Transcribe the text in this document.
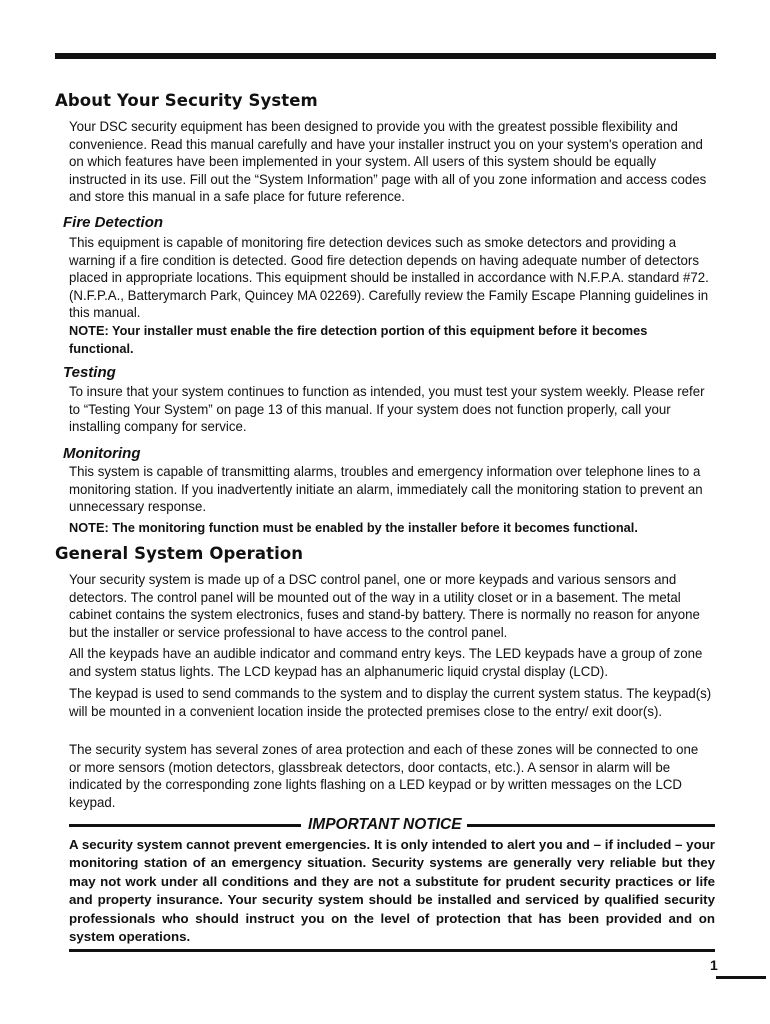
About Your Security System

Your DSC security equipment has been designed to provide you with the greatest possible flexibility and convenience. Read this manual carefully and have your installer instruct you on your system's operation and on which features have been implemented in your system. All users of this system should be equally instructed in its use. Fill out the “System Information” page with all of you zone information and access codes and store this manual in a safe place for future reference.

Fire Detection

This equipment is capable of monitoring fire detection devices such as smoke detectors and providing a warning if a fire condition is detected. Good fire detection depends on having adequate number of detectors placed in appropriate locations. This equipment should be installed in accordance with N.F.P.A. standard #72. (N.F.P.A., Batterymarch Park, Quincey MA 02269). Carefully review the Family Escape Planning guidelines in this manual.

NOTE: Your installer must enable the fire detection portion of this equipment before it becomes functional.

Testing

To insure that your system continues to function as intended, you must test your system weekly. Please refer to “Testing Your System” on page 13 of this manual. If your system does not function properly, call your installing company for service.

Monitoring

This system is capable of transmitting alarms, troubles and emergency information over telephone lines to a monitoring station. If you inadvertently initiate an alarm, immediately call the monitoring station to prevent an unnecessary response.

NOTE: The monitoring function must be enabled by the installer before it becomes functional.

General System Operation

Your security system is made up of a DSC control panel, one or more keypads and various sensors and detectors. The control panel will be mounted out of the way in a utility closet or in a basement. The metal cabinet contains the system electronics, fuses and stand-by battery. There is normally no reason for anyone but the installer or service professional to have access to the control panel.

All the keypads have an audible indicator and command entry keys. The LED keypads have a group of zone and system status lights. The LCD keypad has an alphanumeric liquid crystal display (LCD).

The keypad is used to send commands to the system and to display the current system status. The keypad(s) will be mounted in a convenient location inside the protected premises close to the entry/ exit door(s).

The security system has several zones of area protection and each of these zones will be connected to one or more sensors (motion detectors, glassbreak detectors, door contacts, etc.). A sensor in alarm will be indicated by the corresponding zone lights flashing on a LED keypad or by written messages on the LCD keypad.

IMPORTANT NOTICE

A security system cannot prevent emergencies. It is only intended to alert you and – if included – your monitoring station of an emergency situation. Security systems are generally very reliable but they may not work under all conditions and they are not a substitute for prudent security practices or life and property insurance. Your security system should be installed and serviced by qualified security professionals who should instruct you on the level of protection that has been provided and on system operations.

1
